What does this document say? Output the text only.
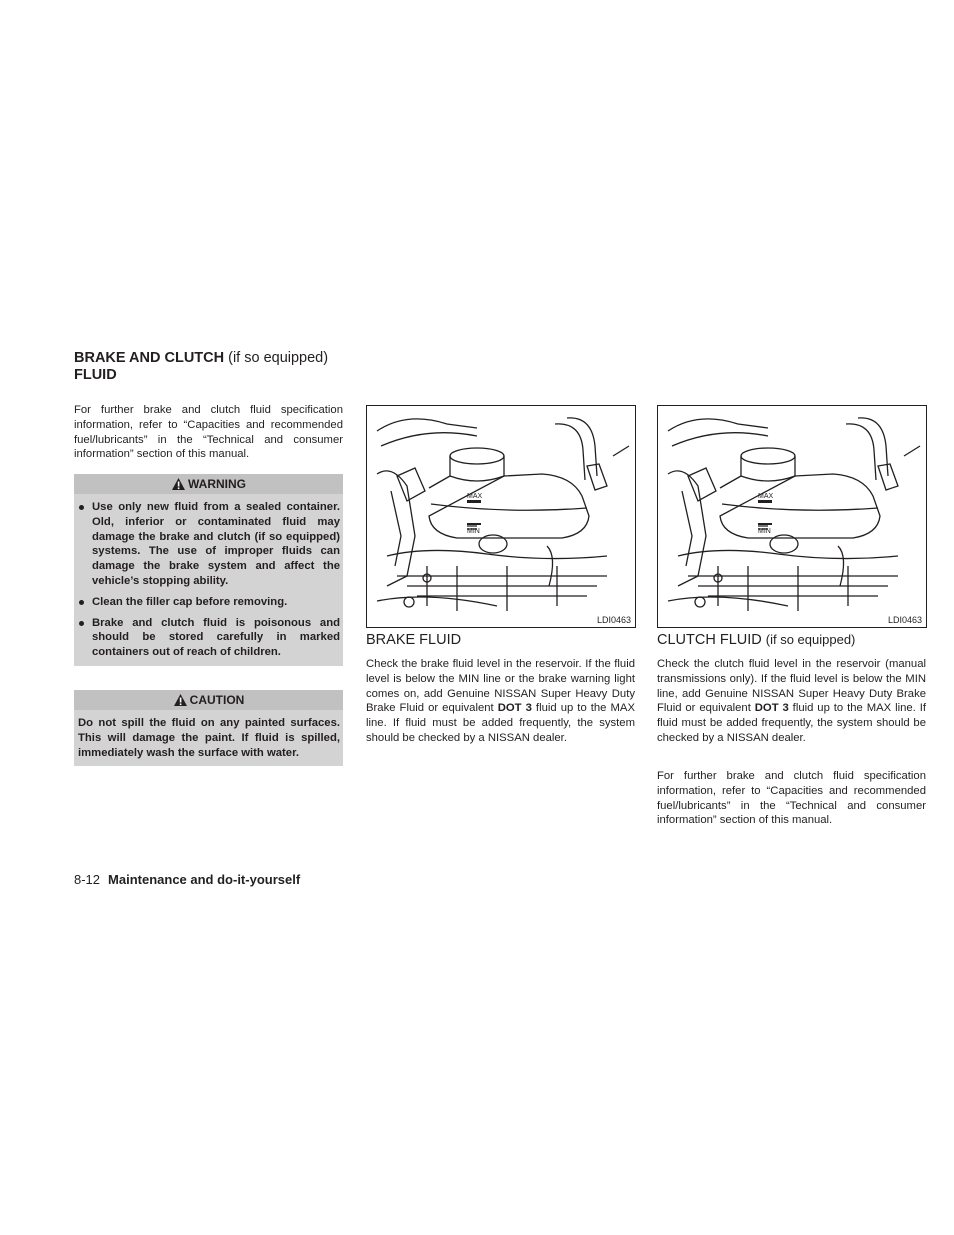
BRAKE AND CLUTCH (if so equipped)
FLUID

For further brake and clutch fluid specification information, refer to “Capacities and recommended fuel/lubricants” in the “Technical and consumer information” section of this manual.

WARNING
Use only new fluid from a sealed container. Old, inferior or contaminated fluid may damage the brake and clutch (if so equipped) systems. The use of improper fluids can damage the brake system and affect the vehicle’s stopping ability.
Clean the filler cap before removing.
Brake and clutch fluid is poisonous and should be stored carefully in marked containers out of reach of children.
CAUTION
Do not spill the fluid on any painted surfaces. This will damage the paint. If fluid is spilled, immediately wash the surface with water.
MAX
MIN
LDI0463
BRAKE FLUID

Check the brake fluid level in the reservoir. If the fluid level is below the MIN line or the brake warning light comes on, add Genuine NISSAN Super Heavy Duty Brake Fluid or equivalent DOT 3 fluid up to the MAX line. If fluid must be added frequently, the system should be checked by a NISSAN dealer.

MAX
MIN
LDI0463
CLUTCH FLUID (if so equipped)

Check the clutch fluid level in the reservoir (manual transmissions only). If the fluid level is below the MIN line, add Genuine NISSAN Super Heavy Duty Brake Fluid or equivalent DOT 3 fluid up to the MAX line. If fluid must be added frequently, the system should be checked by a NISSAN dealer.

For further brake and clutch fluid specification information, refer to “Capacities and recommended fuel/lubricants” in the “Technical and consumer information” section of this manual.

8-12 Maintenance and do-it-yourself
